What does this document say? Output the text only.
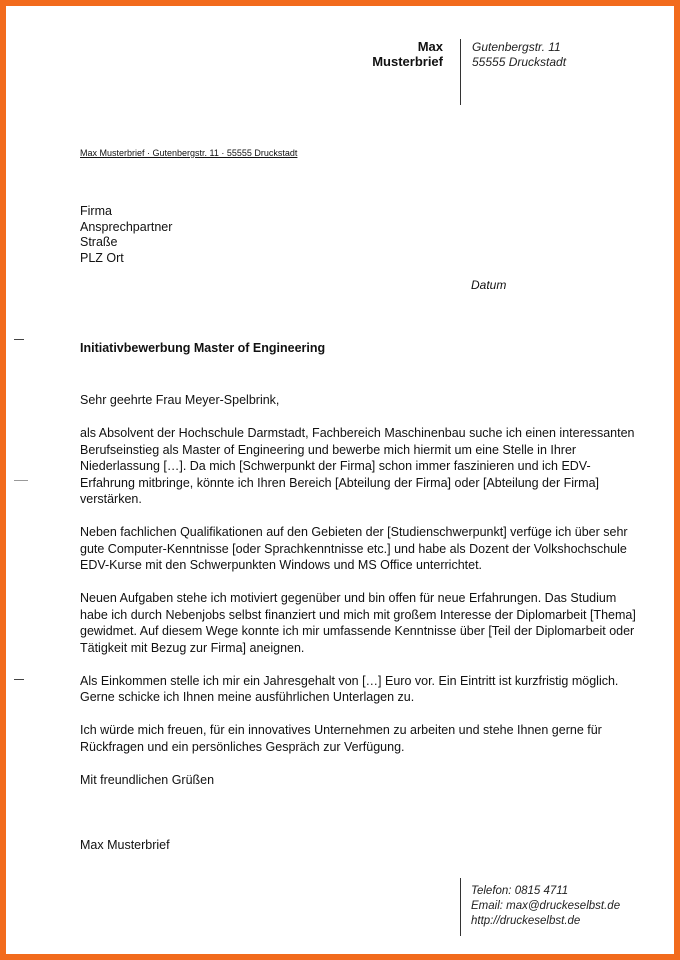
Max
Musterbrief
Gutenbergstr. 11
55555 Druckstadt
Max Musterbrief · Gutenbergstr. 11 · 55555 Druckstadt
Firma
Ansprechpartner
Straße
PLZ Ort
Datum
Initiativbewerbung Master of Engineering

Sehr geehrte Frau Meyer-Spelbrink,

als Absolvent der Hochschule Darmstadt, Fachbereich Maschinenbau suche ich einen interessanten Berufseinstieg als Master of Engineering und bewerbe mich hiermit um eine Stelle in Ihrer Niederlassung […]. Da mich [Schwerpunkt der Firma] schon immer faszinieren und ich EDV- Erfahrung mitbringe, könnte ich Ihren Bereich [Abteilung der Firma] oder [Abteilung der Firma] verstärken.

Neben fachlichen Qualifikationen auf den Gebieten der [Studienschwerpunkt] verfüge ich über sehr gute Computer-Kenntnisse [oder Sprachkenntnisse etc.] und habe als Dozent der Volkshochschule EDV-Kurse mit den Schwerpunkten Windows und MS Office unterrichtet.

Neuen Aufgaben stehe ich motiviert gegenüber und bin offen für neue Erfahrungen. Das Studium habe ich durch Nebenjobs selbst finanziert und mich mit großem Interesse der Diplomarbeit [Thema] gewidmet. Auf diesem Wege konnte ich mir umfassende Kenntnisse über [Teil der Diplomarbeit oder Tätigkeit mit Bezug zur Firma] aneignen.

Als Einkommen stelle ich mir ein Jahresgehalt von […] Euro vor. Ein Eintritt ist kurzfristig möglich. Gerne schicke ich Ihnen meine ausführlichen Unterlagen zu.

Ich würde mich freuen, für ein innovatives Unternehmen zu arbeiten und stehe Ihnen gerne für Rückfragen und ein persönliches Gespräch zur Verfügung.

Mit freundlichen Grüßen

Max Musterbrief

Telefon: 0815 4711
Email: max@druckeselbst.de
http://druckeselbst.de
